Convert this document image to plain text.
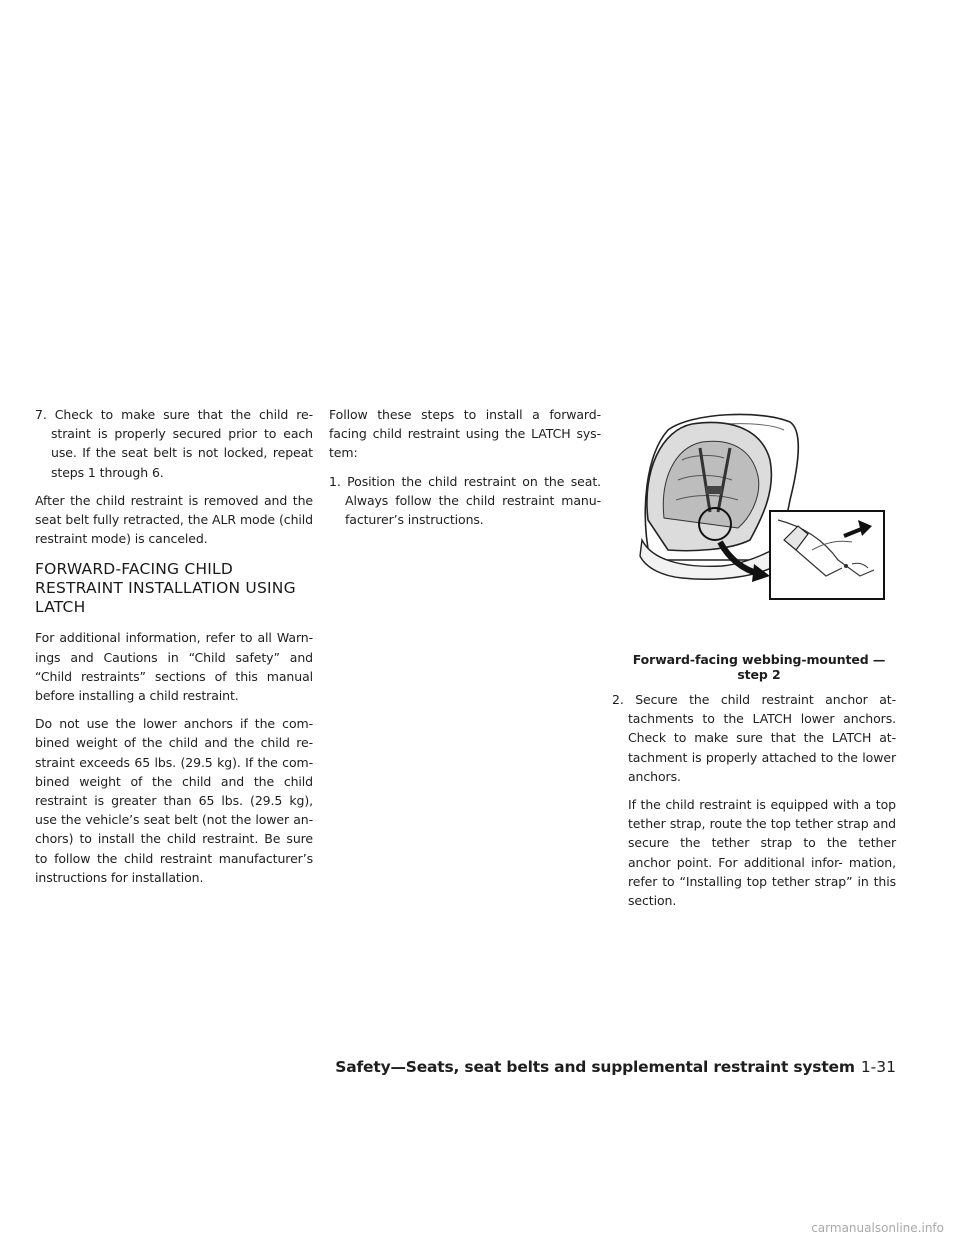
7. Check to make sure that the child re- straint is properly secured prior to each use. If the seat belt is not locked, repeat steps 1 through 6.

After the child restraint is removed and the seat belt fully retracted, the ALR mode (child restraint mode) is canceled.

FORWARD-FACING CHILD RESTRAINT INSTALLATION USING LATCH

For additional information, refer to all Warn- ings and Cautions in “Child safety” and “Child restraints” sections of this manual before installing a child restraint.

Do not use the lower anchors if the com- bined weight of the child and the child re- straint exceeds 65 lbs. (29.5 kg). If the com- bined weight of the child and the child restraint is greater than 65 lbs. (29.5 kg), use the vehicle’s seat belt (not the lower an- chors) to install the child restraint. Be sure to follow the child restraint manufacturer’s instructions for installation.

Follow these steps to install a forward- facing child restraint using the LATCH sys- tem:

1. Position the child restraint on the seat. Always follow the child restraint manu- facturer’s instructions.
Forward-facing webbing-mounted — step 2
2. Secure the child restraint anchor at- tachments to the LATCH lower anchors. Check to make sure that the LATCH at- tachment is properly attached to the lower anchors.
If the child restraint is equipped with a top tether strap, route the top tether strap and secure the tether strap to the tether anchor point. For additional infor- mation, refer to “Installing top tether strap” in this section.
Safety—Seats, seat belts and supplemental restraint system 1-31
carmanualsonline.info
